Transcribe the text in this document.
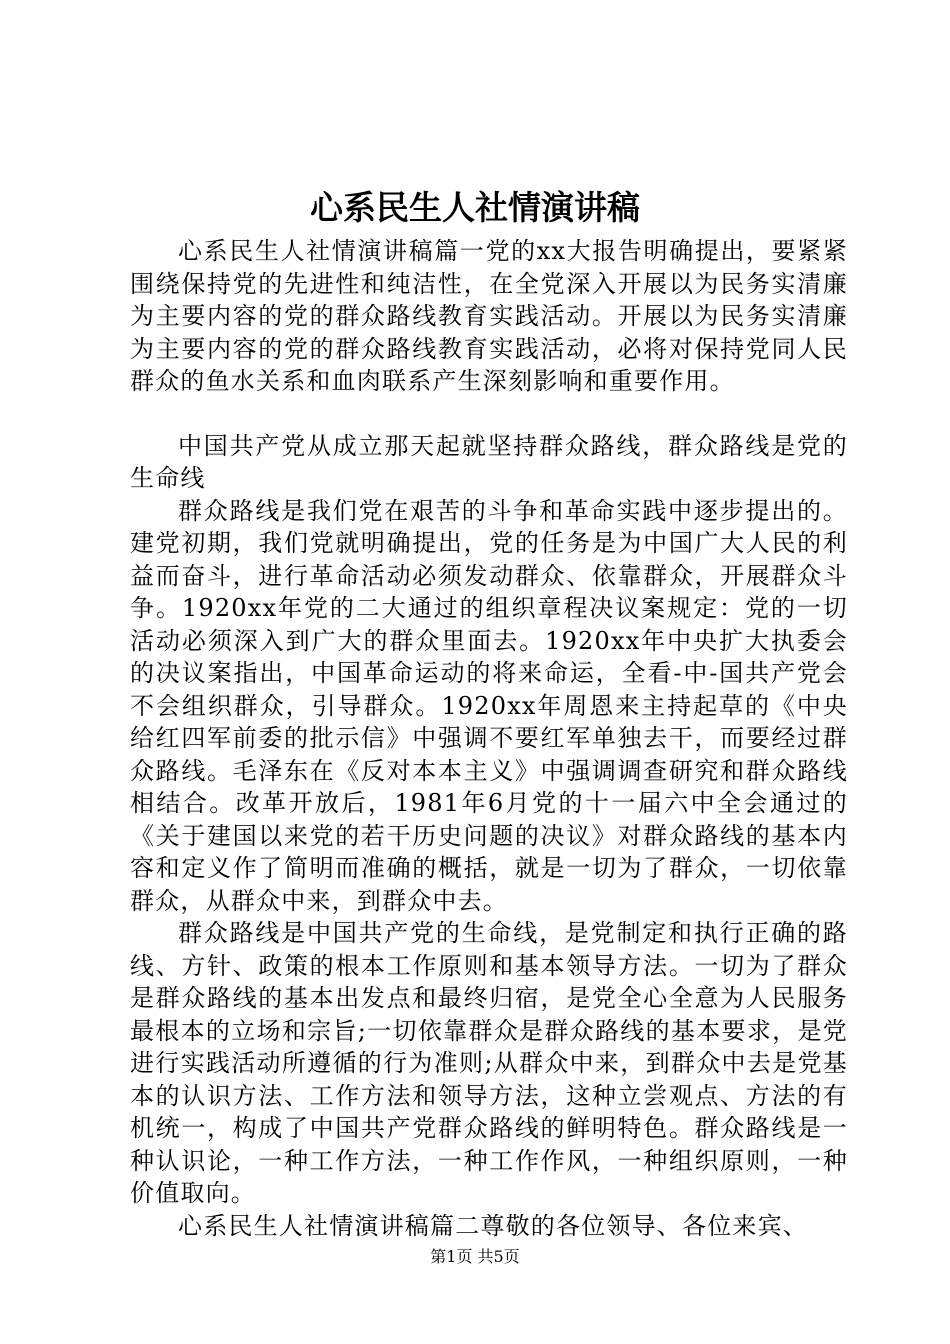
心系民生人社情演讲稿

心系民生人社情演讲稿篇一党的xx大报告明确提出，要紧紧围绕保持党的先进性和纯洁性，在全党深入开展以为民务实清廉为主要内容的党的群众路线教育实践活动。开展以为民务实清廉为主要内容的党的群众路线教育实践活动，必将对保持党同人民群众的鱼水关系和血肉联系产生深刻影响和重要作用。

中国共产党从成立那天起就坚持群众路线，群众路线是党的生命线

群众路线是我们党在艰苦的斗争和革命实践中逐步提出的。建党初期，我们党就明确提出，党的任务是为中国广大人民的利益而奋斗，进行革命活动必须发动群众、依靠群众，开展群众斗争。1920xx年党的二大通过的组织章程决议案规定：党的一切活动必须深入到广大的群众里面去。1920xx年中央扩大执委会的决议案指出，中国革命运动的将来命运，全看-中-国共产党会不会组织群众，引导群众。1920xx年周恩来主持起草的《中央给红四军前委的批示信》中强调不要红军单独去干，而要经过群众路线。毛泽东在《反对本本主义》中强调调查研究和群众路线相结合。改革开放后，1981年6月党的十一届六中全会通过的《关于建国以来党的若干历史问题的决议》对群众路线的基本内容和定义作了简明而准确的概括，就是一切为了群众，一切依靠群众，从群众中来，到群众中去。

群众路线是中国共产党的生命线，是党制定和执行正确的路线、方针、政策的根本工作原则和基本领导方法。一切为了群众是群众路线的基本出发点和最终归宿，是党全心全意为人民服务最根本的立场和宗旨;一切依靠群众是群众路线的基本要求，是党进行实践活动所遵循的行为准则;从群众中来，到群众中去是党基本的认识方法、工作方法和领导方法，这种立尝观点、方法的有机统一，构成了中国共产党群众路线的鲜明特色。群众路线是一种认识论，一种工作方法，一种工作作风，一种组织原则，一种价值取向。

心系民生人社情演讲稿篇二尊敬的各位领导、各位来宾、

第1页 共5页
